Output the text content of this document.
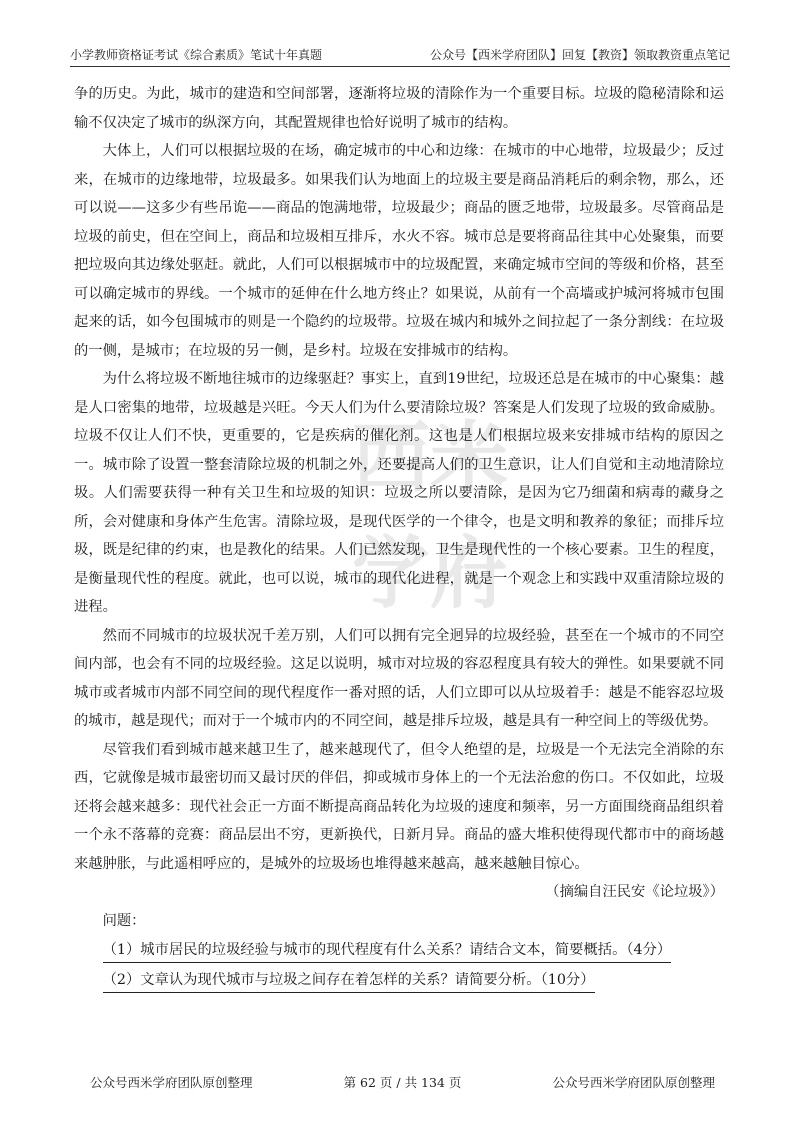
小学教师资格证考试《综合素质》笔试十年真题	公众号【西米学府团队】回复【教资】领取教资重点笔记
西米
学府

争的历史。为此，城市的建造和空间部署，逐渐将垃圾的清除作为一个重要目标。垃圾的隐秘清除和运输不仅决定了城市的纵深方向，其配置规律也恰好说明了城市的结构。

大体上，人们可以根据垃圾的在场，确定城市的中心和边缘：在城市的中心地带，垃圾最少；反过来，在城市的边缘地带，垃圾最多。如果我们认为地面上的垃圾主要是商品消耗后的剩余物，那么，还可以说——这多少有些吊诡——商品的饱满地带，垃圾最少；商品的匮乏地带，垃圾最多。尽管商品是垃圾的前史，但在空间上，商品和垃圾相互排斥，水火不容。城市总是要将商品往其中心处聚集，而要把垃圾向其边缘处驱赶。就此，人们可以根据城市中的垃圾配置，来确定城市空间的等级和价格，甚至可以确定城市的界线。一个城市的延伸在什么地方终止？如果说，从前有一个高墙或护城河将城市包围起来的话，如今包围城市的则是一个隐约的垃圾带。垃圾在城内和城外之间拉起了一条分割线：在垃圾的一侧，是城市；在垃圾的另一侧，是乡村。垃圾在安排城市的结构。

为什么将垃圾不断地往城市的边缘驱赶？事实上，直到19世纪，垃圾还总是在城市的中心聚集：越是人口密集的地带，垃圾越是兴旺。今天人们为什么要清除垃圾？答案是人们发现了垃圾的致命威胁。垃圾不仅让人们不快，更重要的，它是疾病的催化剂。这也是人们根据垃圾来安排城市结构的原因之一。城市除了设置一整套清除垃圾的机制之外，还要提高人们的卫生意识，让人们自觉和主动地清除垃圾。人们需要获得一种有关卫生和垃圾的知识：垃圾之所以要清除，是因为它乃细菌和病毒的藏身之所，会对健康和身体产生危害。清除垃圾，是现代医学的一个律令，也是文明和教养的象征；而排斥垃圾，既是纪律的约束，也是教化的结果。人们已然发现，卫生是现代性的一个核心要素。卫生的程度，是衡量现代性的程度。就此，也可以说，城市的现代化进程，就是一个观念上和实践中双重清除垃圾的进程。

然而不同城市的垃圾状况千差万别，人们可以拥有完全迥异的垃圾经验，甚至在一个城市的不同空间内部，也会有不同的垃圾经验。这足以说明，城市对垃圾的容忍程度具有较大的弹性。如果要就不同城市或者城市内部不同空间的现代程度作一番对照的话，人们立即可以从垃圾着手：越是不能容忍垃圾的城市，越是现代；而对于一个城市内的不同空间，越是排斥垃圾，越是具有一种空间上的等级优势。

尽管我们看到城市越来越卫生了，越来越现代了，但令人绝望的是，垃圾是一个无法完全消除的东西，它就像是城市最密切而又最讨厌的伴侣，抑或城市身体上的一个无法治愈的伤口。不仅如此，垃圾还将会越来越多：现代社会正一方面不断提高商品转化为垃圾的速度和频率，另一方面围绕商品组织着一个永不落幕的竞赛：商品层出不穷，更新换代，日新月异。商品的盛大堆积使得现代都市中的商场越来越肿胀，与此遥相呼应的，是城外的垃圾场也堆得越来越高，越来越触目惊心。

（摘编自汪民安《论垃圾》）

问题：

（1）城市居民的垃圾经验与城市的现代程度有什么关系？请结合文本，简要概括。（4分）

（2）文章认为现代城市与垃圾之间存在着怎样的关系？请简要分析。（10分）

公众号西米学府团队原创整理	第 62 页 / 共 134 页	公众号西米学府团队原创整理
